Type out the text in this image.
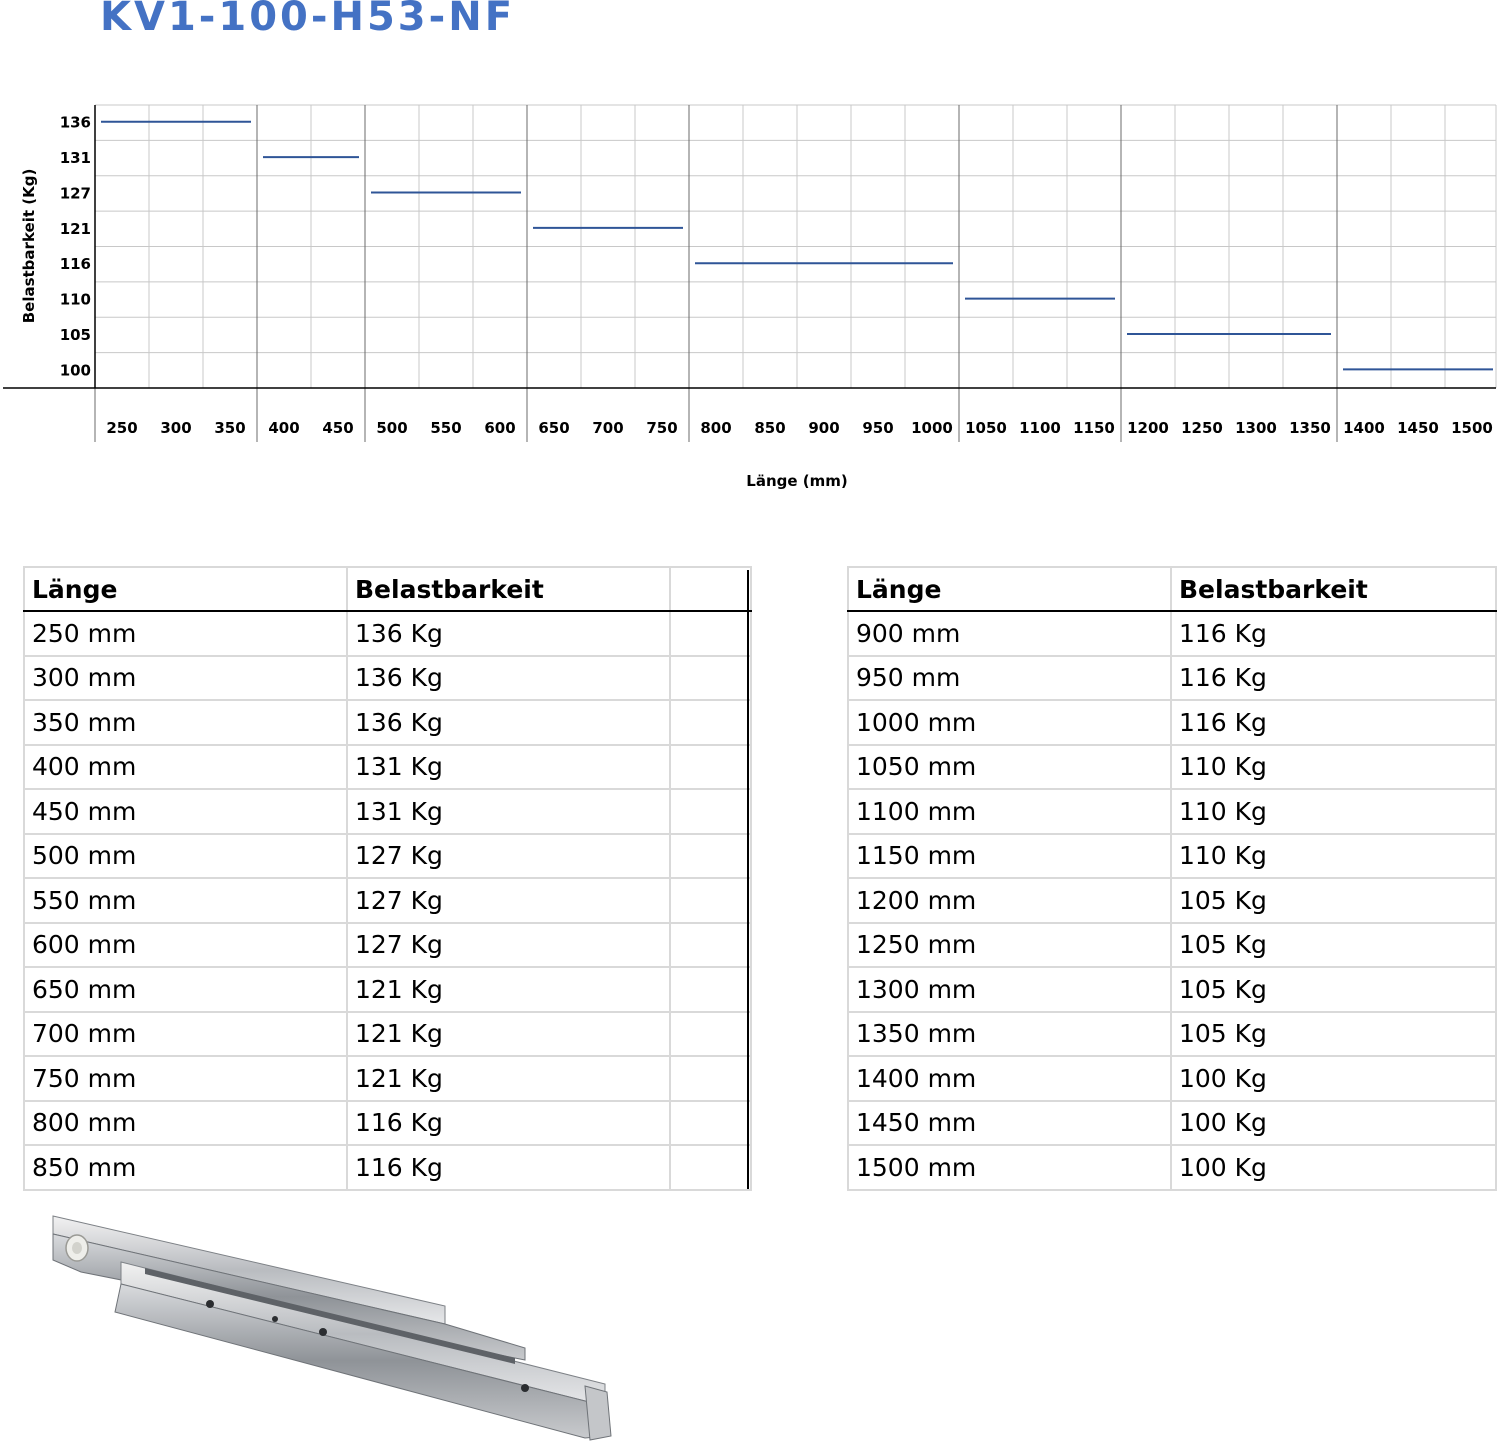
KV1-100-H53-NF
136
131
127
121
116
110
105
100
250 300 350 400 450 500 550 600 650 700 750 800 850 900 950 1000 1050 1100 1150 1200 1250 1300 1350 1400 1450 1500
Belastbarkeit (Kg)
Länge (mm)
Länge	Belastbarkeit	
250 mm	136 Kg	
300 mm	136 Kg	
350 mm	136 Kg	
400 mm	131 Kg	
450 mm	131 Kg	
500 mm	127 Kg	
550 mm	127 Kg	
600 mm	127 Kg	
650 mm	121 Kg	
700 mm	121 Kg	
750 mm	121 Kg	
800 mm	116 Kg	
850 mm	116 Kg	
Länge	Belastbarkeit
900 mm	116 Kg
950 mm	116 Kg
1000 mm	116 Kg
1050 mm	110 Kg
1100 mm	110 Kg
1150 mm	110 Kg
1200 mm	105 Kg
1250 mm	105 Kg
1300 mm	105 Kg
1350 mm	105 Kg
1400 mm	100 Kg
1450 mm	100 Kg
1500 mm	100 Kg
